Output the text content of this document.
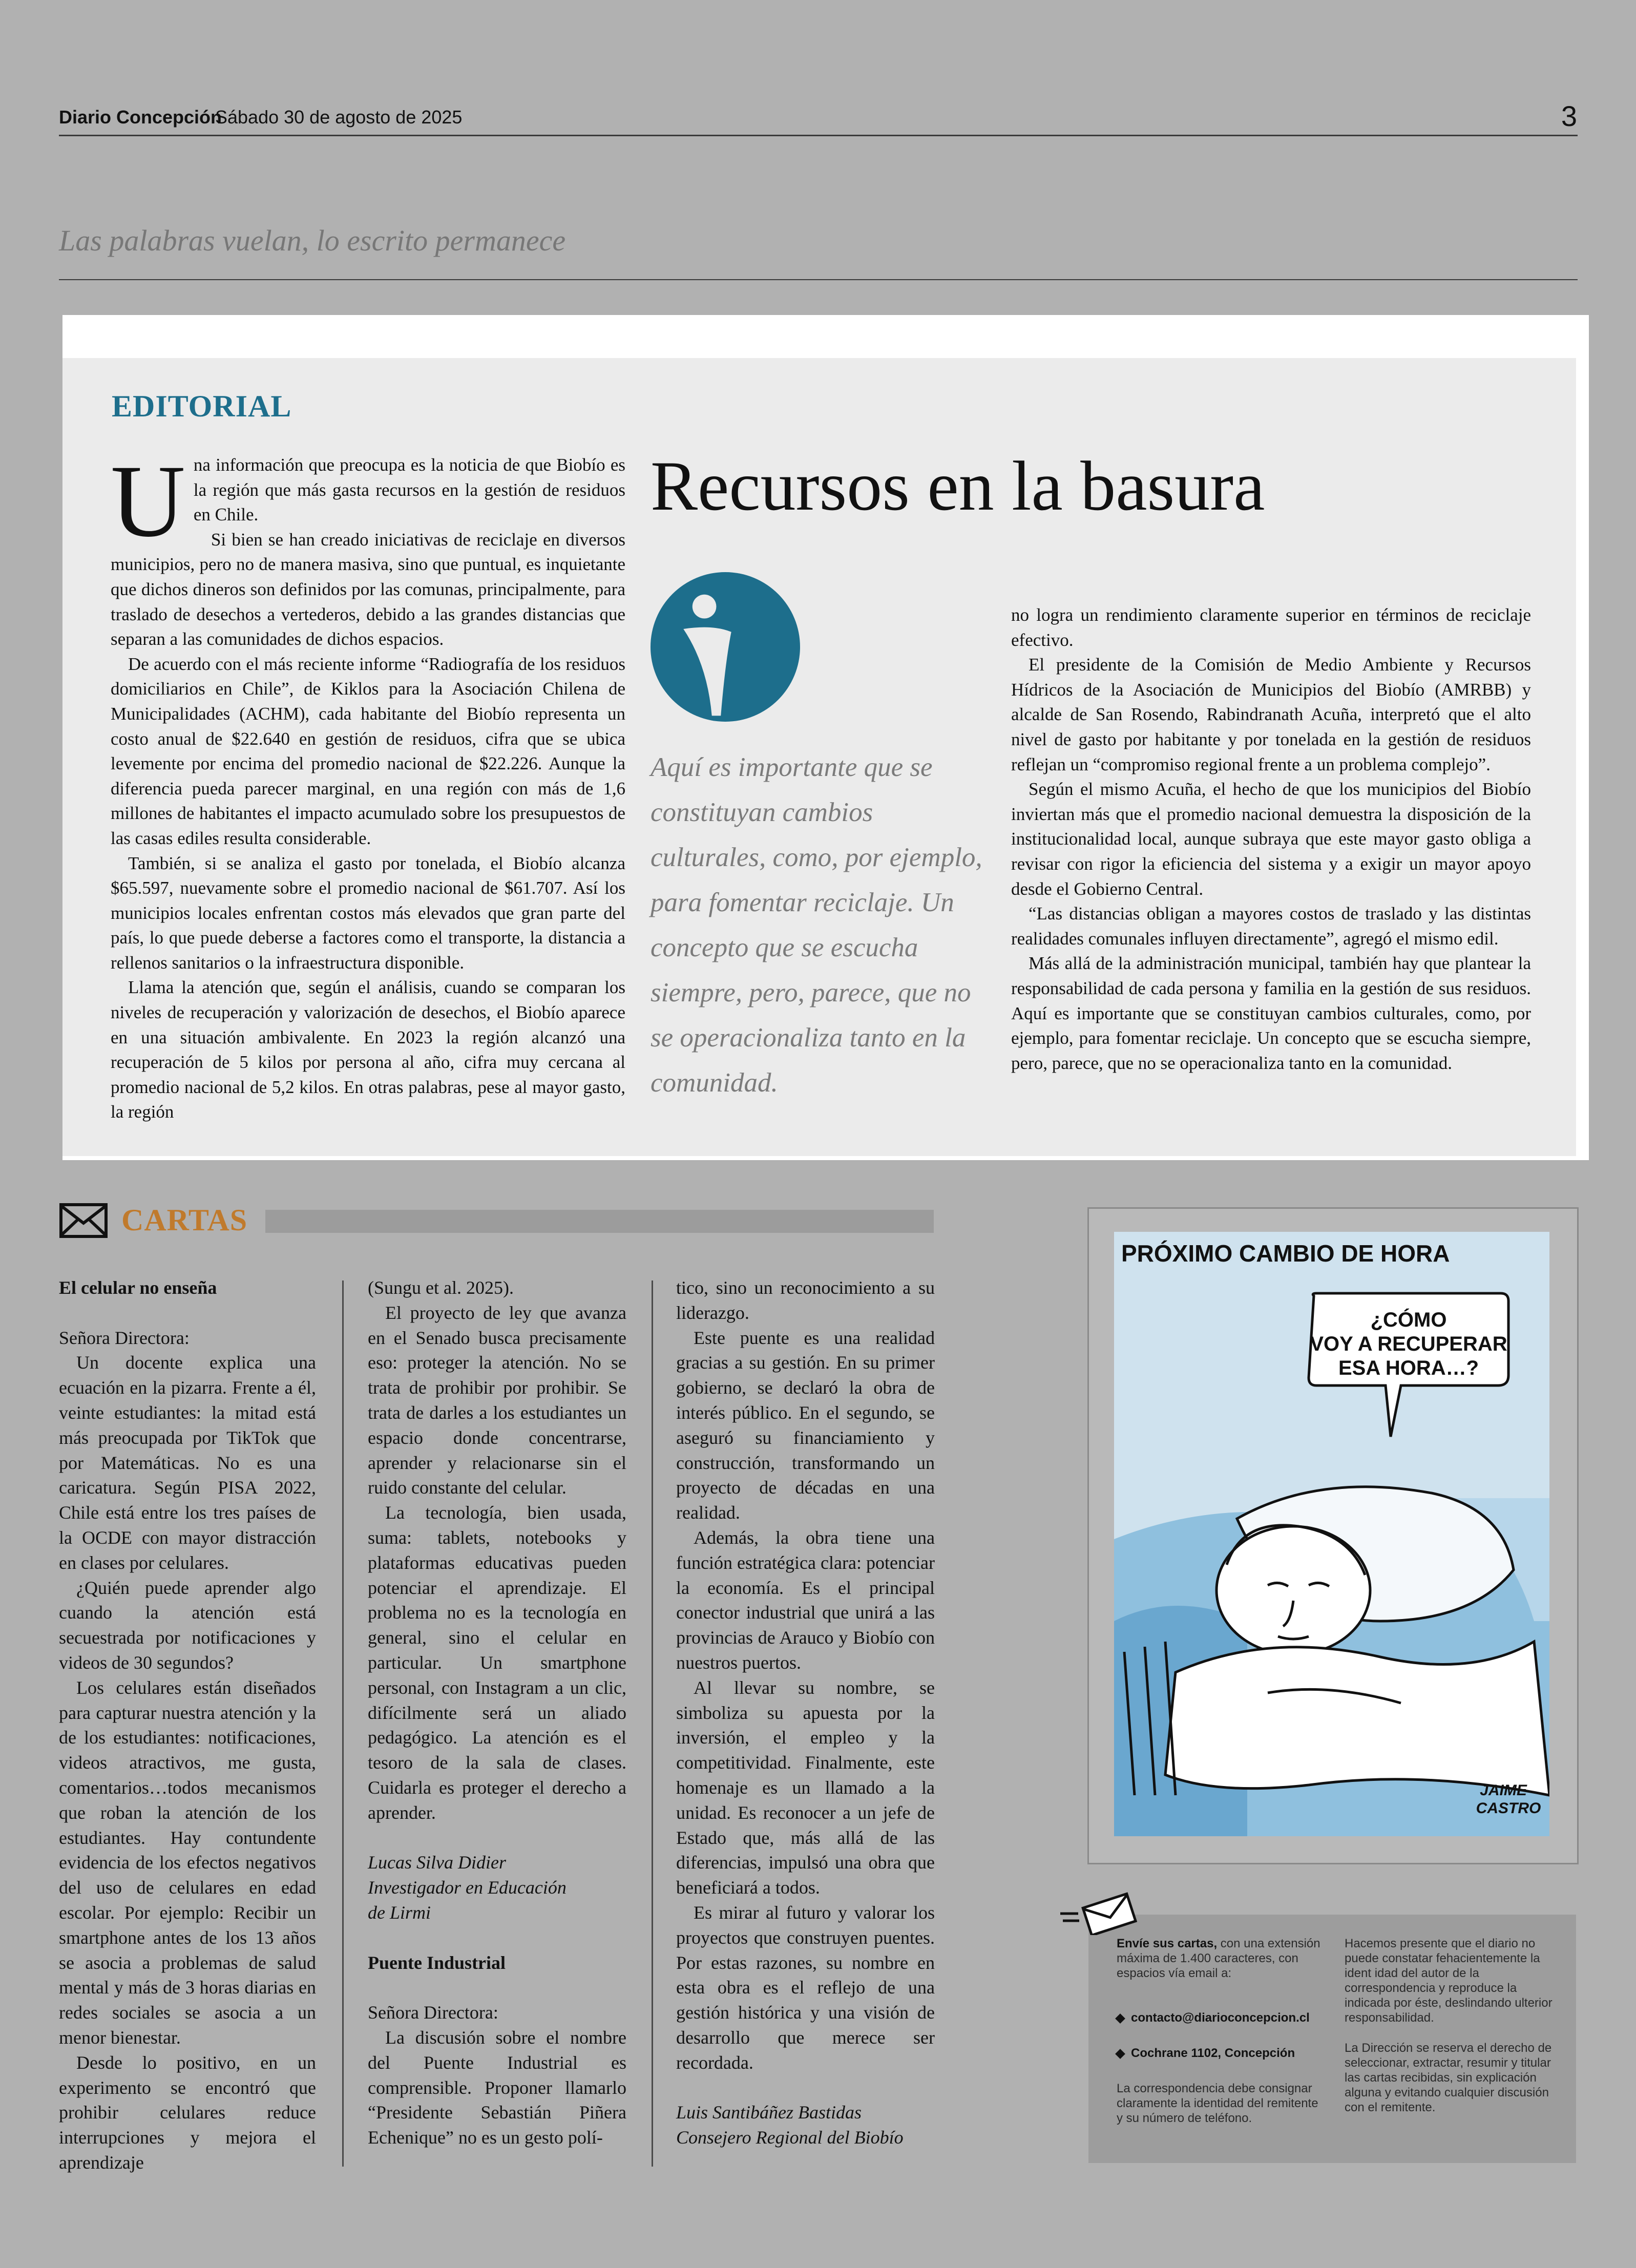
Diario Concepción
Sábado 30 de agosto de 2025	3
Las palabras vuelan, lo escrito permanece
EDITORIAL

Una información que preocupa es la noticia de que Biobío es la región que más gasta recursos en la gestión de residuos en Chile.

Si bien se han creado iniciativas de reciclaje en diversos municipios, pero no de manera masiva, sino que puntual, es inquietante que dichos dineros son definidos por las comunas, principalmente, para traslado de desechos a vertederos, debido a las grandes distancias que separan a las comunidades de dichos espacios.

De acuerdo con el más reciente informe “Radiografía de los residuos domiciliarios en Chile”, de Kiklos para la Asociación Chilena de Municipalidades (ACHM), cada habitante del Biobío representa un costo anual de $22.640 en gestión de residuos, cifra que se ubica levemente por encima del promedio nacional de $22.226. Aunque la diferencia pueda parecer marginal, en una región con más de 1,6 millones de habitantes el impacto acumulado sobre los presupuestos de las casas ediles resulta considerable.

También, si se analiza el gasto por tonelada, el Biobío alcanza $65.597, nuevamente sobre el promedio nacional de $61.707. Así los municipios locales enfrentan costos más elevados que gran parte del país, lo que puede deberse a factores como el transporte, la distancia a rellenos sanitarios o la infraestructura disponible.

Llama la atención que, según el análisis, cuando se comparan los niveles de recuperación y valorización de desechos, el Biobío aparece en una situación ambivalente. En 2023 la región alcanzó una recuperación de 5 kilos por persona al año, cifra muy cercana al promedio nacional de 5,2 kilos. En otras palabras, pese al mayor gasto, la región

Recursos en la basura
Aquí es importante que se constituyan cambios culturales, como, por ejemplo, para fomentar reciclaje. Un concepto que se escucha siempre, pero, parece, que no se operacionaliza tanto en la comunidad.

no logra un rendimiento claramente superior en términos de reciclaje efectivo.

El presidente de la Comisión de Medio Ambiente y Recursos Hídricos de la Asociación de Municipios del Biobío (AMRBB) y alcalde de San Rosendo, Rabindranath Acuña, interpretó que el alto nivel de gasto por habitante y por tonelada en la gestión de residuos reflejan un “compromiso regional frente a un problema complejo”.

Según el mismo Acuña, el hecho de que los municipios del Biobío inviertan más que el promedio nacional demuestra la disposición de la institucionalidad local, aunque subraya que este mayor gasto obliga a revisar con rigor la eficiencia del sistema y a exigir un mayor apoyo desde el Gobierno Central.

“Las distancias obligan a mayores costos de traslado y las distintas realidades comunales influyen directamente”, agregó el mismo edil.

Más allá de la administración municipal, también hay que plantear la responsabilidad de cada persona y familia en la gestión de sus residuos. Aquí es importante que se constituyan cambios culturales, como, por ejemplo, para fomentar reciclaje. Un concepto que se escucha siempre, pero, parece, que no se operacionaliza tanto en la comunidad.

CARTAS

El celular no enseña

Señora Directora:

Un docente explica una ecuación en la pizarra. Frente a él, veinte estudiantes: la mitad está más preocupada por TikTok que por Matemáticas. No es una caricatura. Según PISA 2022, Chile está entre los tres países de la OCDE con mayor distracción en clases por celulares.

¿Quién puede aprender algo cuando la atención está secuestrada por notificaciones y videos de 30 segundos?

Los celulares están diseñados para capturar nuestra atención y la de los estudiantes: notificaciones, videos atractivos, me gusta, comentarios…todos mecanismos que roban la atención de los estudiantes. Hay contundente evidencia de los efectos negativos del uso de celulares en edad escolar. Por ejemplo: Recibir un smartphone antes de los 13 años se asocia a problemas de salud mental y más de 3 horas diarias en redes sociales se asocia a un menor bienestar.

Desde lo positivo, en un experimento se encontró que prohibir celulares reduce interrupciones y mejora el aprendizaje

(Sungu et al. 2025).

El proyecto de ley que avanza en el Senado busca precisamente eso: proteger la atención. No se trata de prohibir por prohibir. Se trata de darles a los estudiantes un espacio donde concentrarse, aprender y relacionarse sin el ruido constante del celular.

La tecnología, bien usada, suma: tablets, notebooks y plataformas educativas pueden potenciar el aprendizaje. El problema no es la tecnología en general, sino el celular en particular. Un smartphone personal, con Instagram a un clic, difícilmente será un aliado pedagógico. La atención es el tesoro de la sala de clases. Cuidarla es proteger el derecho a aprender.

Lucas Silva Didier

Investigador en Educación

de Lirmi

Puente Industrial

Señora Directora:

La discusión sobre el nombre del Puente Industrial es comprensible. Proponer llamarlo “Presidente Sebastián Piñera Echenique” no es un gesto polí-

tico, sino un reconocimiento a su liderazgo.

Este puente es una realidad gracias a su gestión. En su primer gobierno, se declaró la obra de interés público. En el segundo, se aseguró su financiamiento y construcción, transformando un proyecto de décadas en una realidad.

Además, la obra tiene una función estratégica clara: potenciar la economía. Es el principal conector industrial que unirá a las provincias de Arauco y Biobío con nuestros puertos.

Al llevar su nombre, se simboliza su apuesta por la inversión, el empleo y la competitividad. Finalmente, este homenaje es un llamado a la unidad. Es reconocer a un jefe de Estado que, más allá de las diferencias, impulsó una obra que beneficiará a todos.

Es mirar al futuro y valorar los proyectos que construyen puentes. Por estas razones, su nombre en esta obra es el reflejo de una gestión histórica y una visión de desarrollo que merece ser recordada.

Luis Santibáñez Bastidas

Consejero Regional del Biobío

PRÓXIMO CAMBIO DE HORA
¿CÓMO
VOY A RECUPERAR
ESA HORA…?
JAIME
CASTRO
Envíe sus cartas, con una extensión máxima de 1.400 caracteres, con espacios vía email a:
contacto@diarioconcepcion.cl
Cochrane 1102, Concepción
La correspondencia debe consignar claramente la identidad del remitente y su número de teléfono.
Hacemos presente que el diario no puede constatar fehacientemente la ident idad del autor de la correspondencia y reproduce la indicada por éste, deslindando ulterior responsabilidad.
La Dirección se reserva el derecho de seleccionar, extractar, resumir y titular las cartas recibidas, sin explicación alguna y evitando cualquier discusión con el remitente.
